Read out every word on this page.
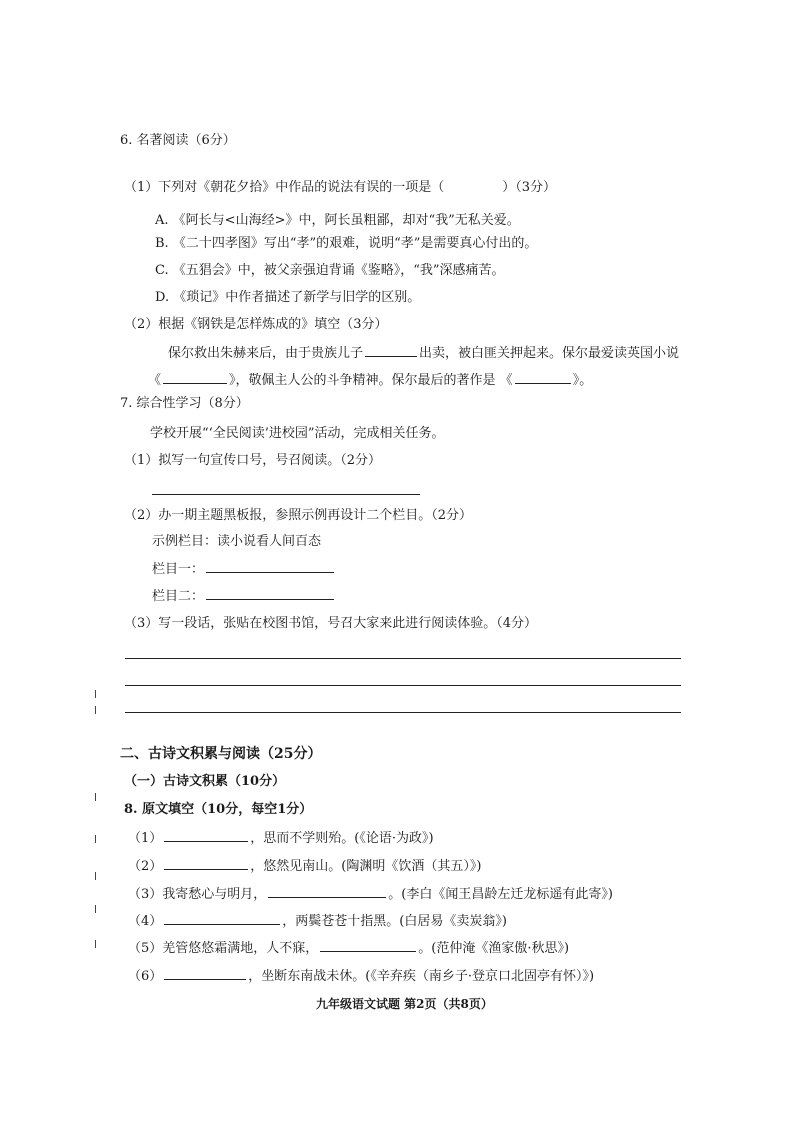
6. 名著阅读（6分）
（1）下列对《朝花夕拾》中作品的说法有误的一项是（	）（3分）
A. 《阿长与<山海经>》中，阿长虽粗鄙，却对“我”无私关爱。
B. 《二十四孝图》写出“孝”的艰难，说明“孝”是需要真心付出的。
C. 《五猖会》中，被父亲强迫背诵《鉴略》，“我”深感痛苦。
D. 《琐记》中作者描述了新学与旧学的区别。
（2）根据《钢铁是怎样炼成的》填空（3分）
保尔救出朱赫来后，由于贵族儿子	出卖，被白匪关押起来。保尔最爱读英国小说
《	》，敬佩主人公的斗争精神。保尔最后的著作是 《	》。
7. 综合性学习（8分）
学校开展“‘全民阅读’进校园”活动，完成相关任务。
（1）拟写一句宣传口号，号召阅读。（2分）
（2）办一期主题黑板报，参照示例再设计二个栏目。（2分）
示例栏目：读小说看人间百态
栏目一：
栏目二：
（3）写一段话，张贴在校图书馆，号召大家来此进行阅读体验。（4分）
二、古诗文积累与阅读（25分）
（一）古诗文积累（10分）
8. 原文填空（10分，每空1分）
（1）	，思而不学则殆。(《论语·为政》)
（2）	，悠然见南山。(陶渊明《饮酒（其五）》)
（3）我寄愁心与明月，	。(李白《闻王昌龄左迁龙标遥有此寄》)
（4）	，两鬓苍苍十指黑。(白居易《卖炭翁》)
（5）羌管悠悠霜满地，人不寐，	。(范仲淹《渔家傲·秋思》)
（6）	，坐断东南战未休。(《辛弃疾（南乡子·登京口北固亭有怀）》)
九年级语文试题 第2页（共8页）
